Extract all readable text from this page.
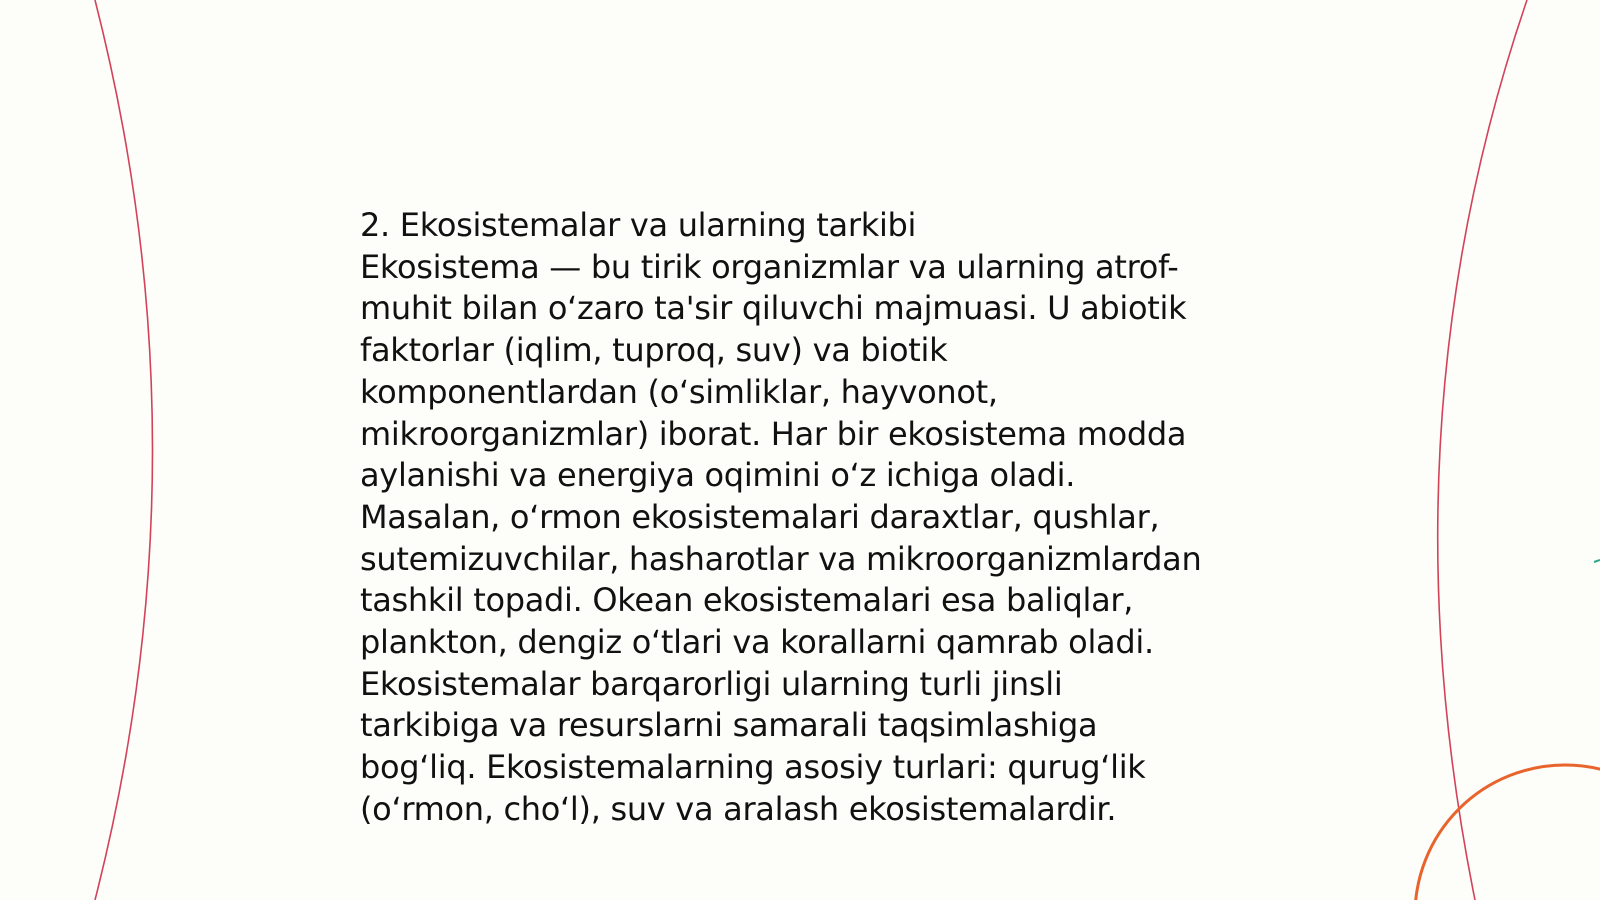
2. Ekosistemalar va ularning tarkibi
Ekosistema — bu tirik organizmlar va ularning atrof-
muhit bilan o‘zaro ta'sir qiluvchi majmuasi. U abiotik
faktorlar (iqlim, tuproq, suv) va biotik
komponentlardan (o‘simliklar, hayvonot,
mikroorganizmlar) iborat. Har bir ekosistema modda
aylanishi va energiya oqimini o‘z ichiga oladi.
Masalan, o‘rmon ekosistemalari daraxtlar, qushlar,
sutemizuvchilar, hasharotlar va mikroorganizmlardan
tashkil topadi. Okean ekosistemalari esa baliqlar,
plankton, dengiz o‘tlari va korallarni qamrab oladi.
Ekosistemalar barqarorligi ularning turli jinsli
tarkibiga va resurslarni samarali taqsimlashiga
bog‘liq. Ekosistemalarning asosiy turlari: qurug‘lik
(o‘rmon, cho‘l), suv va aralash ekosistemalardir.
